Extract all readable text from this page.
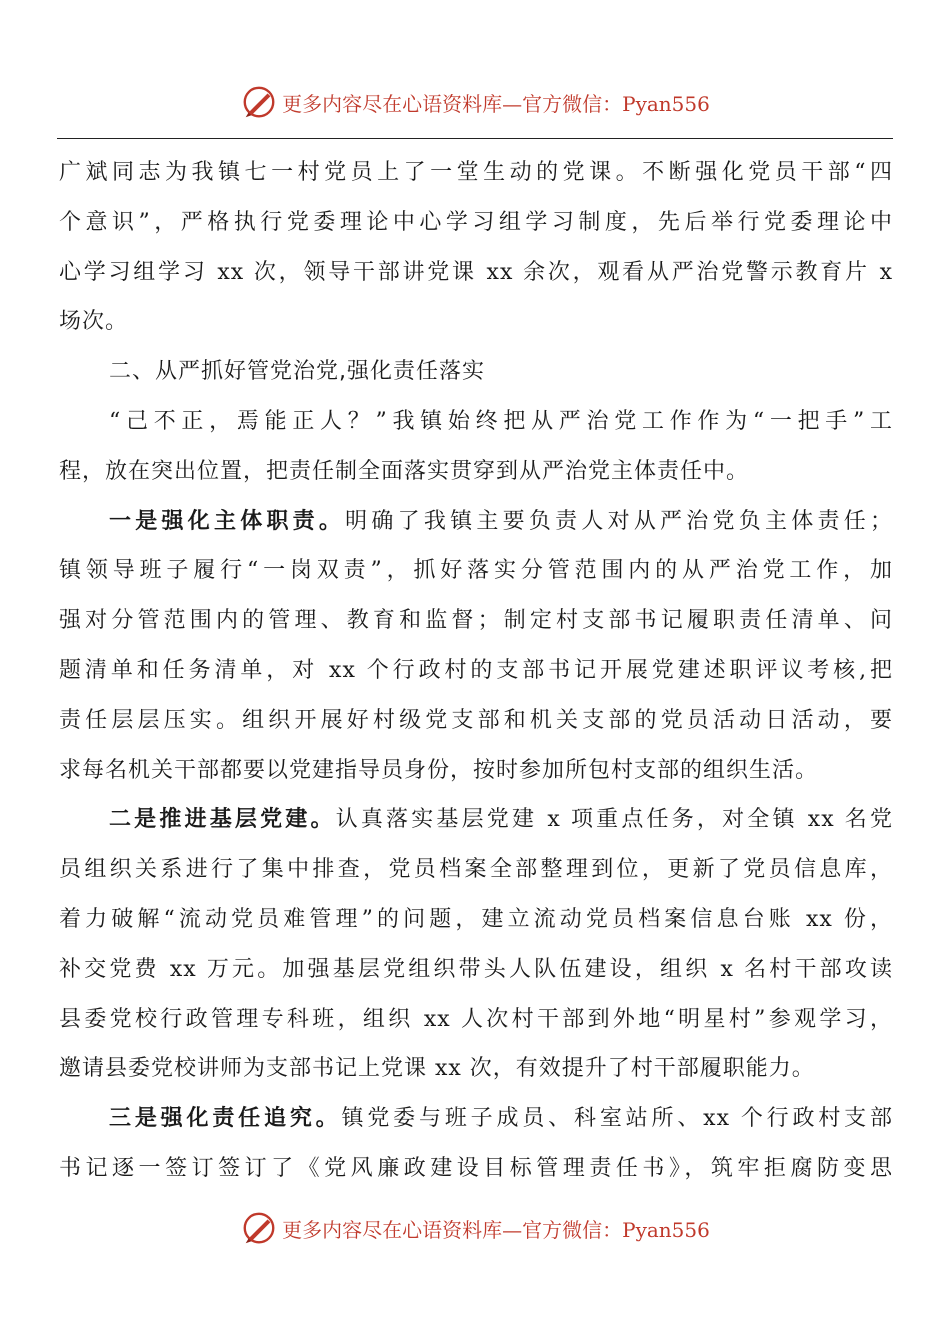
更多内容尽在心语资料库—官方微信：Pyan556
广斌同志为我镇七一村党员上了一堂生动的党课。不断强化党员干部“四
个意识”，严格执行党委理论中心学习组学习制度，先后举行党委理论中
心学习组学习 xx 次，领导干部讲党课 xx 余次，观看从严治党警示教育片 x
场次。
二、从严抓好管党治党,强化责任落实
“己不正，焉能正人？”我镇始终把从严治党工作作为“一把手”工
程，放在突出位置，把责任制全面落实贯穿到从严治党主体责任中。
一是强化主体职责。明确了我镇主要负责人对从严治党负主体责任；
镇领导班子履行“一岗双责”，抓好落实分管范围内的从严治党工作，加
强对分管范围内的管理、教育和监督；制定村支部书记履职责任清单、问
题清单和任务清单，对 xx 个行政村的支部书记开展党建述职评议考核,把
责任层层压实。组织开展好村级党支部和机关支部的党员活动日活动，要
求每名机关干部都要以党建指导员身份，按时参加所包村支部的组织生活。
二是推进基层党建。认真落实基层党建 x 项重点任务，对全镇 xx 名党
员组织关系进行了集中排查，党员档案全部整理到位，更新了党员信息库，
着力破解“流动党员难管理”的问题，建立流动党员档案信息台账 xx 份，
补交党费 xx 万元。加强基层党组织带头人队伍建设，组织 x 名村干部攻读
县委党校行政管理专科班，组织 xx 人次村干部到外地“明星村”参观学习，
邀请县委党校讲师为支部书记上党课 xx 次，有效提升了村干部履职能力。
三是强化责任追究。镇党委与班子成员、科室站所、xx 个行政村支部
书记逐一签订签订了《党风廉政建设目标管理责任书》，筑牢拒腐防变思
更多内容尽在心语资料库—官方微信：Pyan556
